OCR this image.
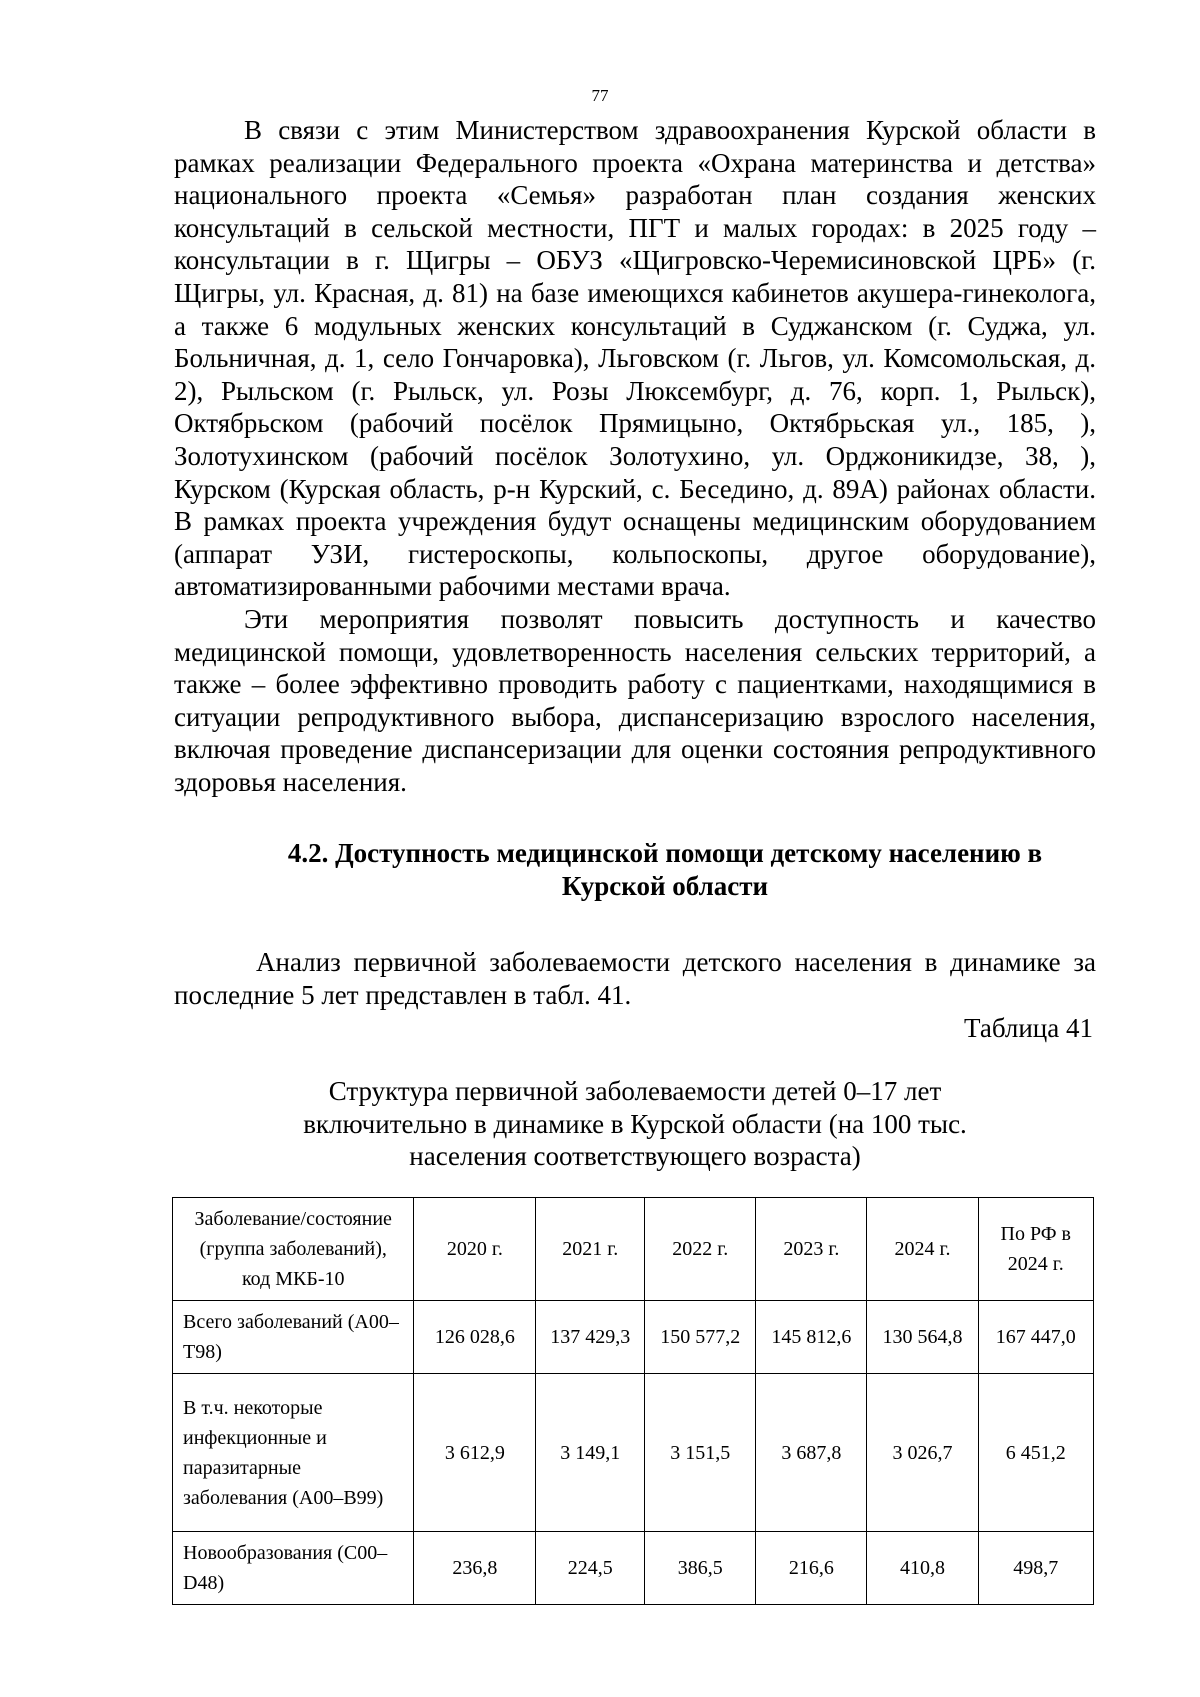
77

В связи с этим Министерством здравоохранения Курской области в рамках реализации Федерального проекта «Охрана материнства и детства» национального проекта «Семья» разработан план создания женских консультаций в сельской местности, ПГТ и малых городах: в 2025 году – консультации в г. Щигры – ОБУЗ «Щигровско-Черемисиновской ЦРБ» (г. Щигры, ул. Красная, д. 81) на базе имеющихся кабинетов акушера-гинеколога, а также 6 модульных женских консультаций в Суджанском (г. Суджа, ул. Больничная, д. 1, село Гончаровка), Льговском (г. Льгов, ул. Комсомольская, д. 2), Рыльском (г. Рыльск, ул. Розы Люксембург, д. 76, корп. 1, Рыльск), Октябрьском (рабочий посёлок Прямицыно, Октябрьская ул., 185, ), Золотухинском (рабочий посёлок Золотухино, ул. Орджоникидзе, 38, ), Курском (Курская область, р-н Курский, с. Беседино, д. 89А) районах области. В рамках проекта учреждения будут оснащены медицинским оборудованием (аппарат УЗИ, гистероскопы, кольпоскопы, другое оборудование), автоматизированными рабочими местами врача.

Эти мероприятия позволят повысить доступность и качество медицинской помощи, удовлетворенность населения сельских территорий, а также – более эффективно проводить работу с пациентками, находящимися в ситуации репродуктивного выбора, диспансеризацию взрослого населения, включая проведение диспансеризации для оценки состояния репродуктивного здоровья населения.

4.2. Доступность медицинской помощи детскому населению в
Курской области

Анализ первичной заболеваемости детского населения в динамике за последние 5 лет представлен в табл. 41.

Таблица 41
Структура первичной заболеваемости детей 0–17 лет
включительно в динамике в Курской области (на 100 тыс.
населения соответствующего возраста)
Заболевание/состояние (группа заболеваний), код МКБ-10	2020 г.	2021 г.	2022 г.	2023 г.	2024 г.	По РФ в 2024 г.
Всего заболеваний (А00–Т98)	126 028,6	137 429,3	150 577,2	145 812,6	130 564,8	167 447,0
В т.ч. некоторые инфекционные и паразитарные заболевания (А00–В99)	3 612,9	3 149,1	3 151,5	3 687,8	3 026,7	6 451,2
Новообразования (С00–D48)	236,8	224,5	386,5	216,6	410,8	498,7
